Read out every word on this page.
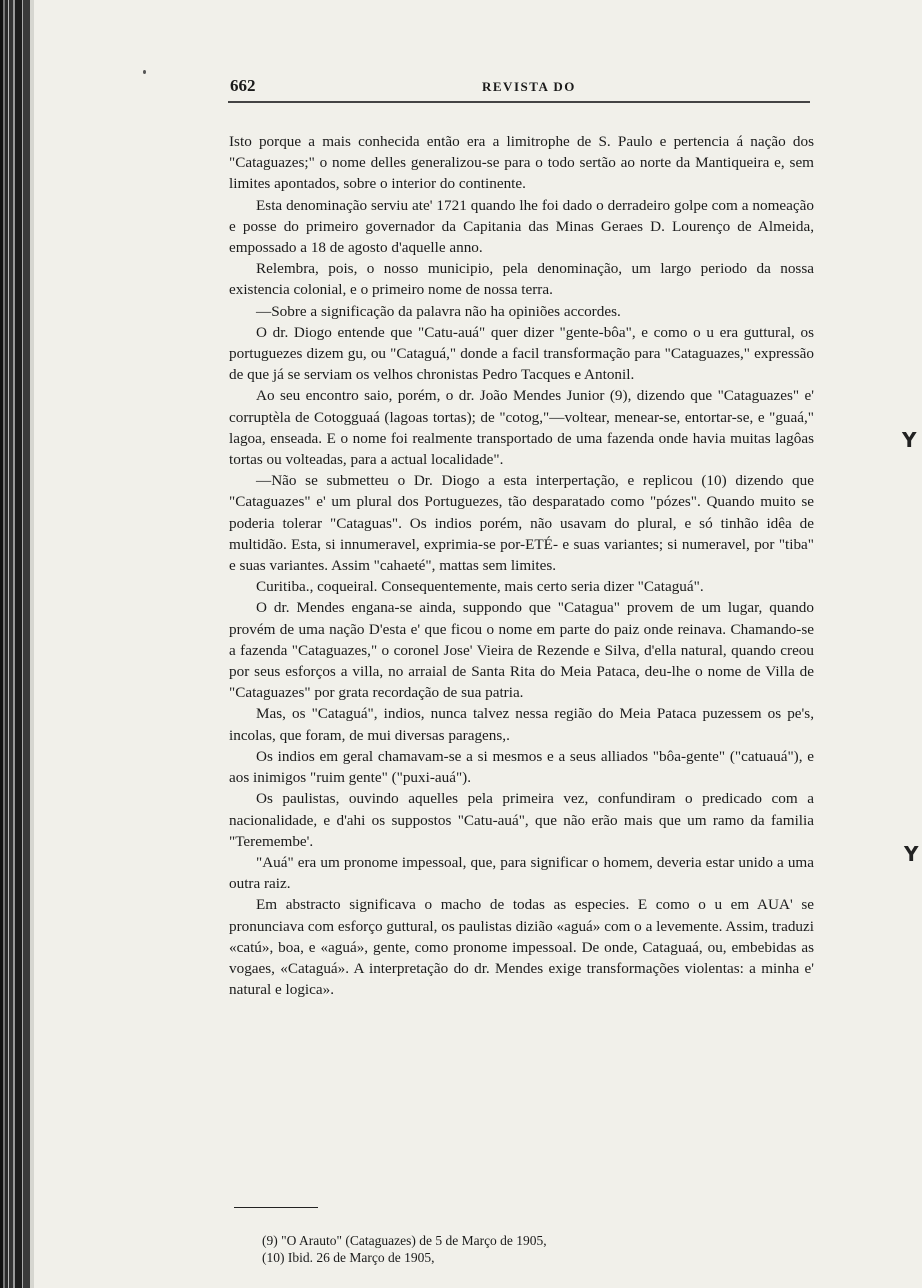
662	REVISTA DO

Isto porque a mais conhecida então era a limitrophe de S. Paulo e pertencia á nação dos "Cataguazes;" o nome delles generalizou-se para o todo sertão ao norte da Mantiqueira e, sem limites apontados, sobre o interior do continente.

Esta denominação serviu ate' 1721 quando lhe foi dado o derradeiro golpe com a nomeação e posse do primeiro governador da Capitania das Minas Geraes D. Lourenço de Almeida, empossado a 18 de agosto d'aquelle anno.

Relembra, pois, o nosso municipio, pela denominação, um largo periodo da nossa existencia colonial, e o primeiro nome de nossa terra.

—Sobre a significação da palavra não ha opiniões accordes.

O dr. Diogo entende que "Catu-auá" quer dizer "gente-bôa", e como o u era guttural, os portuguezes dizem gu, ou "Cataguá," donde a facil transformação para "Cataguazes," expressão de que já se serviam os velhos chronistas Pedro Tacques e Antonil.

Ao seu encontro saio, porém, o dr. João Mendes Junior (9), dizendo que "Cataguazes" e' corruptèla de Cotogguaá (lagoas tortas); de "cotog,"—voltear, menear-se, entortar-se, e "guaá," lagoa, enseada. E o nome foi realmente transportado de uma fazenda onde havia muitas lagôas tortas ou volteadas, para a actual localidade".

—Não se submetteu o Dr. Diogo a esta interpertação, e replicou (10) dizendo que "Cataguazes" e' um plural dos Portuguezes, tão desparatado como "pózes". Quando muito se poderia tolerar "Cataguas". Os indios porém, não usavam do plural, e só tinhão idêa de multidão. Esta, si innumeravel, exprimia-se por-ETÉ- e suas variantes; si numeravel, por "tiba" e suas variantes. Assim "cahaeté", mattas sem limites.

Curitiba., coqueiral. Consequentemente, mais certo seria dizer "Cataguá".

O dr. Mendes engana-se ainda, suppondo que "Catagua" provem de um lugar, quando provém de uma nação D'esta e' que ficou o nome em parte do paiz onde reinava. Chamando-se a fazenda "Cataguazes," o coronel Jose' Vieira de Rezende e Silva, d'ella natural, quando creou por seus esforços a villa, no arraial de Santa Rita do Meia Pataca, deu-lhe o nome de Villa de "Cataguazes" por grata recordação de sua patria.

Mas, os "Cataguá", indios, nunca talvez nessa região do Meia Pataca puzessem os pe's, incolas, que foram, de mui diversas paragens,.

Os indios em geral chamavam-se a si mesmos e a seus alliados "bôa-gente" ("catuauá"), e aos inimigos "ruim gente" ("puxi-auá").

Os paulistas, ouvindo aquelles pela primeira vez, confundiram o predicado com a nacionalidade, e d'ahi os suppostos "Catu-auá", que não erão mais que um ramo da familia "Teremembe'.

"Auá" era um pronome impessoal, que, para significar o homem, deveria estar unido a uma outra raiz.

Em abstracto significava o macho de todas as especies. E como o u em AUA' se pronunciava com esforço guttural, os paulistas dizião «aguá» com o a levemente. Assim, traduzi «catú», boa, e «aguá», gente, como pronome impessoal. De onde, Cataguaá, ou, embebidas as vogaes, «Cataguá». A interpretação do dr. Mendes exige transformações violentas: a minha e' natural e logica».

(9) "O Arauto" (Cataguazes) de 5 de Março de 1905,
(10) Ibid. 26 de Março de 1905,
Y
Y
